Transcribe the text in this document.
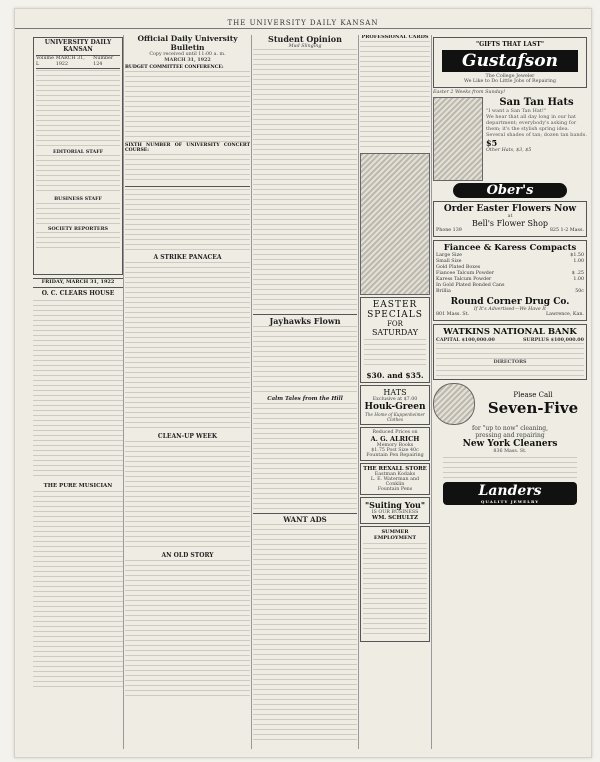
THE UNIVERSITY DAILY KANSAN
UNIVERSITY DAILY KANSAN
Volume L
MARCH 31, 1922
Number 124
EDITORIAL STAFF
BUSINESS STAFF
SOCIETY REPORTERS
FRIDAY, MARCH 31, 1922
O. C. CLEARS HOUSE
THE PURE MUSICIAN
Official Daily University Bulletin
Copy received until 11:00 a. m.
MARCH 31, 1922
BUDGET COMMITTEE CONFERENCE:
SIXTH NUMBER OF UNIVERSITY CONCERT COURSE:
A STRIKE PANACEA
CLEAN-UP WEEK
AN OLD STORY
Student Opinion
Mud Slinging
Jayhawks Flown
Calm Tales from the Hill
WANT ADS
PROFESSIONAL CARDS
EASTER
SPECIALS
FOR
SATURDAY
$30. and $35.
HATS
Exclusive at $7.00
Houk-Green
The Home of Kuppenheimer Clothes
Reduced Prices on
A. G. ALRICH
Memory Books
$1.75 Post Size 40c
Fountain Pen Repairing
THE REXALL STORE
Eastman Kodaks
L. E. Waterman and Conklin
Fountain Pens
"Suiting You"
IS OUR BUSINESS
WM. SCHULTZ
SUMMER EMPLOYMENT
"GIFTS THAT LAST"
Gustafson
The College Jeweler
We Like to Do Little Jobs of Repairing
Easter 2 Weeks from Sunday!
San Tan Hats
"I want a San Tan Hat!"
We hear that all day long in our hat department; everybody's asking for them; it's the stylish spring idea. Several shades of tan; dozen tan bands.
$5
Other Hats, $3, $5
Ober's
Order Easter Flowers Now
at
Bell's Flower Shop
Phone 139	825 1-2 Mass.
Fiancee & Karess Compacts
Large Size	$1.50
Small Size	1.00
Gold Plated Boxes
Fiancee Talcum Powder	$ .25
Karess Talcum Powder	1.00
In Gold Plated Bonded Cans
Brillia	50c
Round Corner Drug Co.
If It's Advertised—We Have It
801 Mass. St.	Lawrence, Kan.
WATKINS NATIONAL BANK
CAPITAL $100,000.00	SURPLUS $100,000.00
DIRECTORS
Please Call
Seven-Five
for "up to now" cleaning,
pressing and repairing
New York Cleaners
836 Mass. St.
Landers
QUALITY JEWELRY
